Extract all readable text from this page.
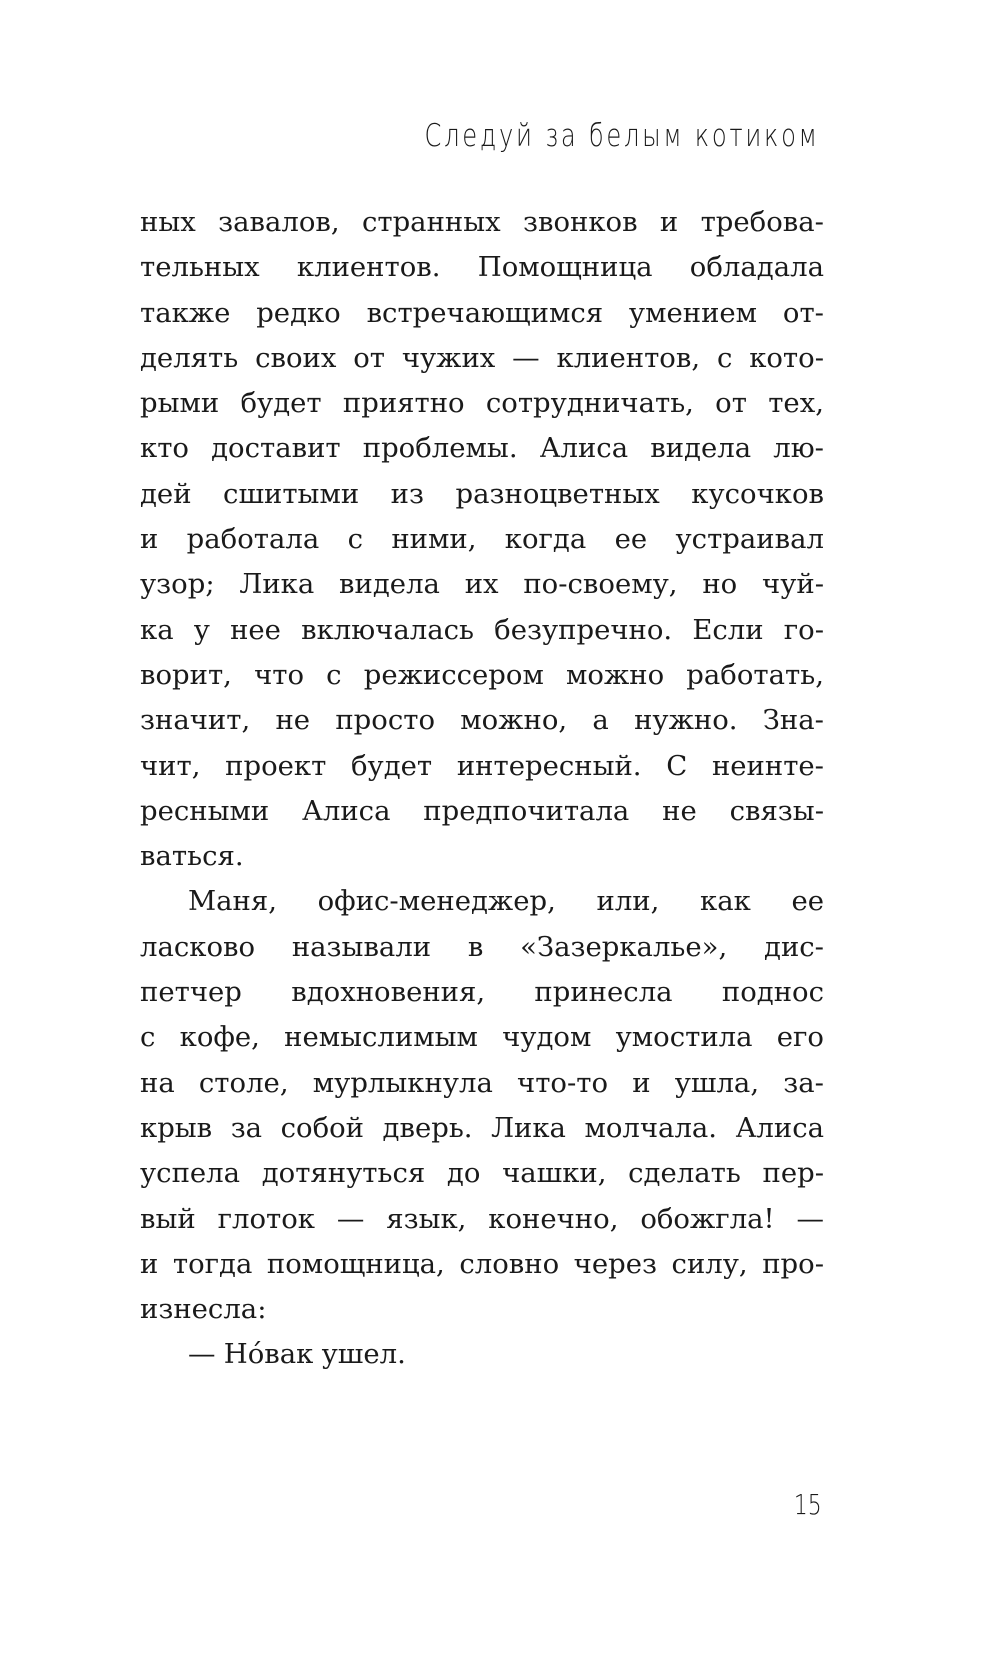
Следуй за белым котиком
ных завалов, странных звонков и требова-
тельных клиентов. Помощница обладала
также редко встречающимся умением от-
делять своих от чужих — клиентов, с кото-
рыми будет приятно сотрудничать, от тех,
кто доставит проблемы. Алиса видела лю-
дей сшитыми из разноцветных кусочков
и работала с ними, когда ее устраивал
узор; Лика видела их по-своему, но чуй-
ка у нее включалась безупречно. Если го-
ворит, что с режиссером можно работать,
значит, не просто можно, а нужно. Зна-
чит, проект будет интересный. С неинте-
ресными Алиса предпочитала не связы-
ваться.
Маня, офис-менеджер, или, как ее
ласково называли в «Зазеркалье», дис-
петчер вдохновения, принесла поднос
с кофе, немыслимым чудом умостила его
на столе, мурлыкнула что-то и ушла, за-
крыв за собой дверь. Лика молчала. Алиса
успела дотянуться до чашки, сделать пер-
вый глоток — язык, конечно, обожгла! —
и тогда помощница, словно через силу, про-
изнесла:
— Но́вак ушел.
15
